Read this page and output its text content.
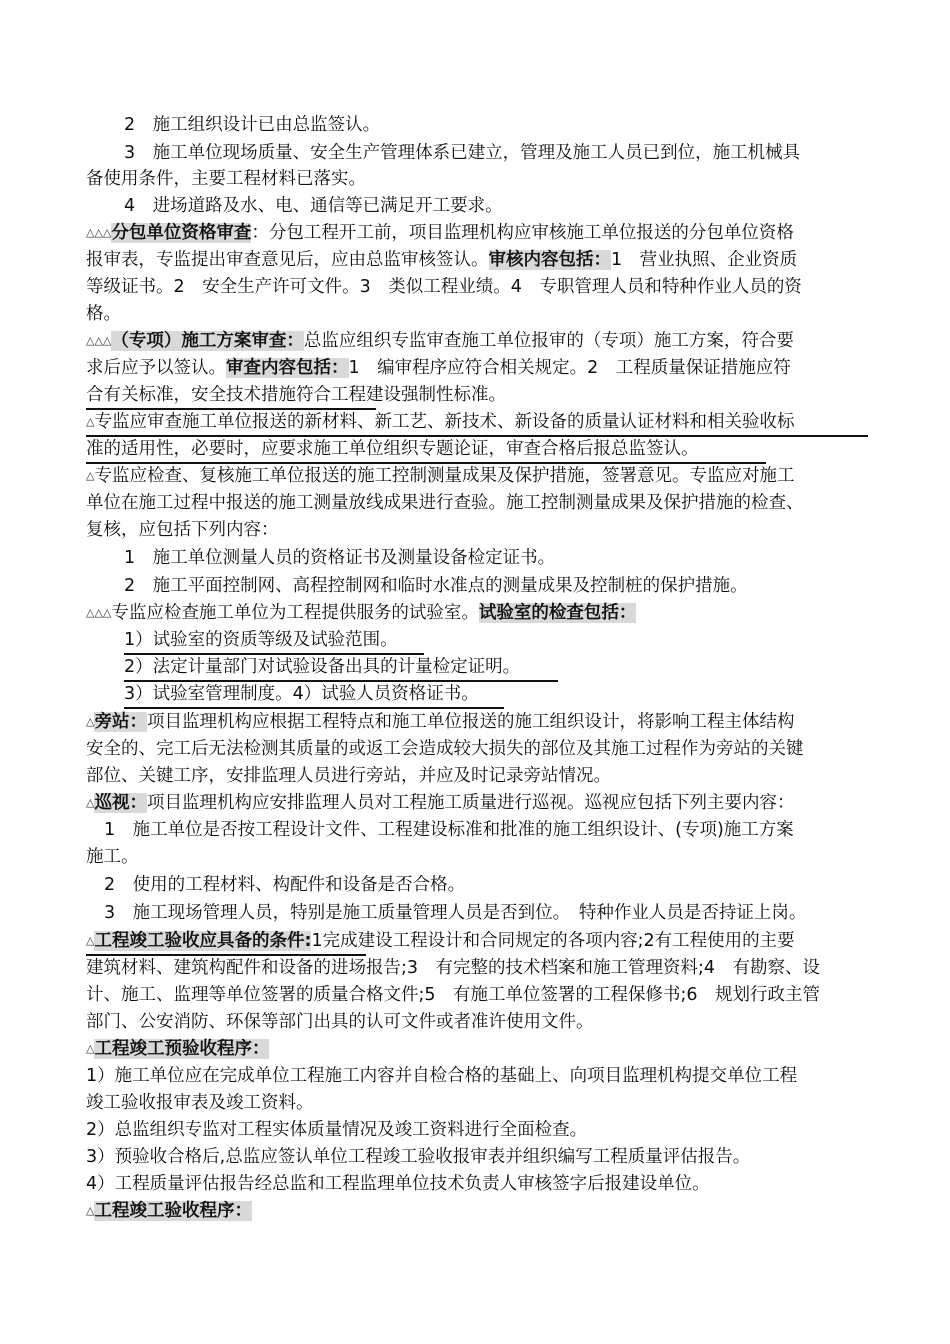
2　施工组织设计已由总监签认。
3　施工单位现场质量、安全生产管理体系已建立，管理及施工人员已到位，施工机械具
备使用条件，主要工程材料已落实。
4　进场道路及水、电、通信等已满足开工要求。
△△△分包单位资格审查：分包工程开工前，项目监理机构应审核施工单位报送的分包单位资格
报审表，专监提出审查意见后，应由总监审核签认。审核内容包括：1　营业执照、企业资质
等级证书。2　安全生产许可文件。3　类似工程业绩。4　专职管理人员和特种作业人员的资
格。
△△△（专项）施工方案审查：总监应组织专监审查施工单位报审的（专项）施工方案，符合要
求后应予以签认。审查内容包括：1　编审程序应符合相关规定。2　工程质量保证措施应符
合有关标准，安全技术措施符合工程建设强制性标准。
△专监应审查施工单位报送的新材料、新工艺、新技术、新设备的质量认证材料和相关验收标
准的适用性，必要时，应要求施工单位组织专题论证，审查合格后报总监签认。
△专监应检查、复核施工单位报送的施工控制测量成果及保护措施，签署意见。专监应对施工
单位在施工过程中报送的施工测量放线成果进行查验。施工控制测量成果及保护措施的检查、
复核，应包括下列内容：
1　施工单位测量人员的资格证书及测量设备检定证书。
2　施工平面控制网、高程控制网和临时水准点的测量成果及控制桩的保护措施。
△△△专监应检查施工单位为工程提供服务的试验室。试验室的检查包括：
1）试验室的资质等级及试验范围。
2）法定计量部门对试验设备出具的计量检定证明。
3）试验室管理制度。4）试验人员资格证书。
△旁站：项目监理机构应根据工程特点和施工单位报送的施工组织设计，将影响工程主体结构
安全的、完工后无法检测其质量的或返工会造成较大损失的部位及其施工过程作为旁站的关键
部位、关键工序，安排监理人员进行旁站，并应及时记录旁站情况。
△巡视：项目监理机构应安排监理人员对工程施工质量进行巡视。巡视应包括下列主要内容：
1　施工单位是否按工程设计文件、工程建设标准和批准的施工组织设计、(专项)施工方案
施工。
2　使用的工程材料、构配件和设备是否合格。
3　施工现场管理人员，特别是施工质量管理人员是否到位。　特种作业人员是否持证上岗。
△工程竣工验收应具备的条件:1完成建设工程设计和合同规定的各项内容;2有工程使用的主要
建筑材料、建筑构配件和设备的进场报告;3　有完整的技术档案和施工管理资料;4　有勘察、设
计、施工、监理等单位签署的质量合格文件;5　有施工单位签署的工程保修书;6　规划行政主管
部门、公安消防、环保等部门出具的认可文件或者准许使用文件。
△工程竣工预验收程序：
1）施工单位应在完成单位工程施工内容并自检合格的基础上、向项目监理机构提交单位工程
竣工验收报审表及竣工资料。
2）总监组织专监对工程实体质量情况及竣工资料进行全面检查。
3）预验收合格后,总监应签认单位工程竣工验收报审表并组织编写工程质量评估报告。
4）工程质量评估报告经总监和工程监理单位技术负责人审核签字后报建设单位。
△工程竣工验收程序：
